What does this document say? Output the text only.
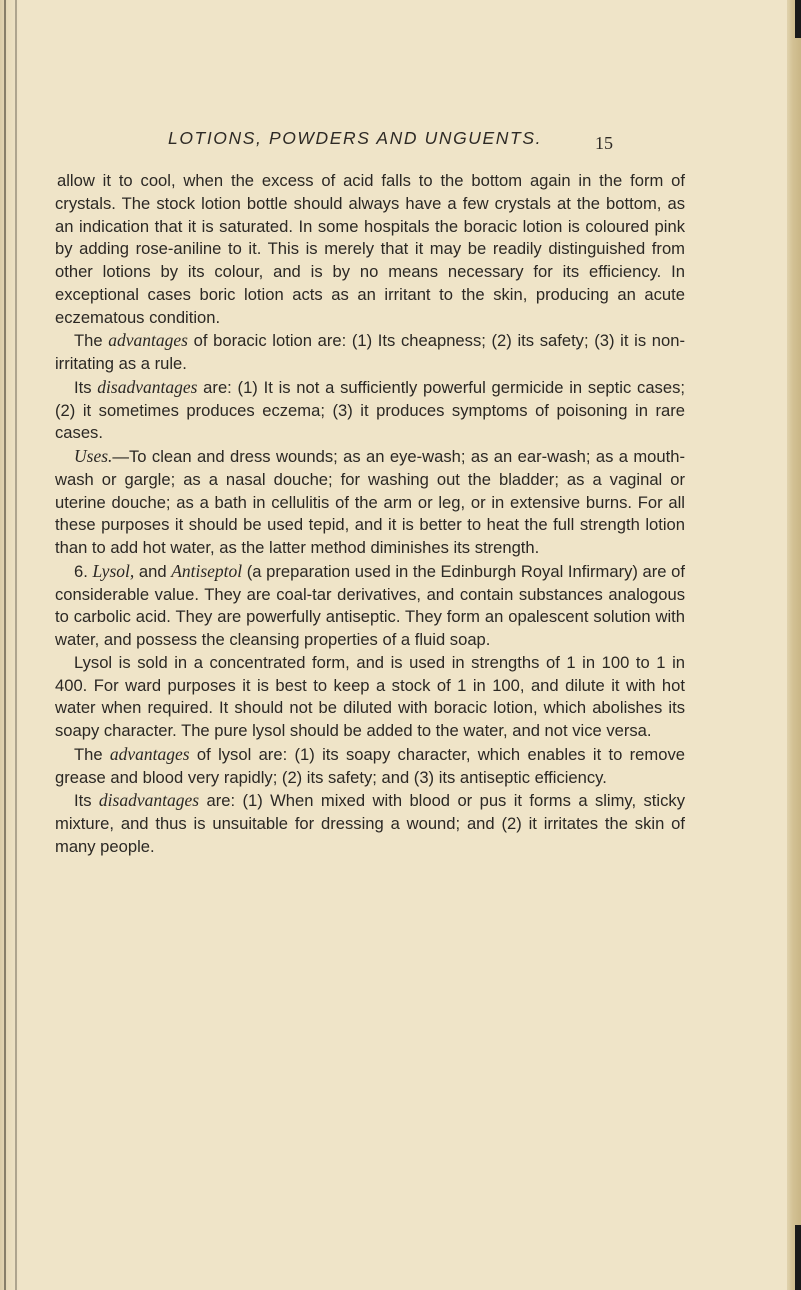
LOTIONS, POWDERS AND UNGUENTS.	15

allow it to cool, when the excess of acid falls to the bottom again in the form of crystals. The stock lotion bottle should always have a few crystals at the bottom, as an indication that it is saturated. In some hospitals the boracic lotion is coloured pink by adding rose-aniline to it. This is merely that it may be readily distinguished from other lotions by its colour, and is by no means necessary for its efficiency. In exceptional cases boric lotion acts as an irritant to the skin, producing an acute eczematous condition.

The advantages of boracic lotion are: (1) Its cheapness; (2) its safety; (3) it is non-irritating as a rule.

Its disadvantages are: (1) It is not a sufficiently powerful germicide in septic cases; (2) it sometimes produces eczema; (3) it produces symptoms of poisoning in rare cases.

Uses.—To clean and dress wounds; as an eye-wash; as an ear-wash; as a mouth-wash or gargle; as a nasal douche; for washing out the bladder; as a vaginal or uterine douche; as a bath in cellulitis of the arm or leg, or in extensive burns. For all these purposes it should be used tepid, and it is better to heat the full strength lotion than to add hot water, as the latter method diminishes its strength.

6. Lysol, and Antiseptol (a preparation used in the Edinburgh Royal Infirmary) are of considerable value. They are coal-tar derivatives, and contain substances analogous to carbolic acid. They are powerfully antiseptic. They form an opalescent solution with water, and possess the cleansing properties of a fluid soap.

Lysol is sold in a concentrated form, and is used in strengths of 1 in 100 to 1 in 400. For ward purposes it is best to keep a stock of 1 in 100, and dilute it with hot water when required. It should not be diluted with boracic lotion, which abolishes its soapy character. The pure lysol should be added to the water, and not vice versa.

The advantages of lysol are: (1) its soapy character, which enables it to remove grease and blood very rapidly; (2) its safety; and (3) its antiseptic efficiency.

Its disadvantages are: (1) When mixed with blood or pus it forms a slimy, sticky mixture, and thus is unsuitable for dressing a wound; and (2) it irritates the skin of many people.
